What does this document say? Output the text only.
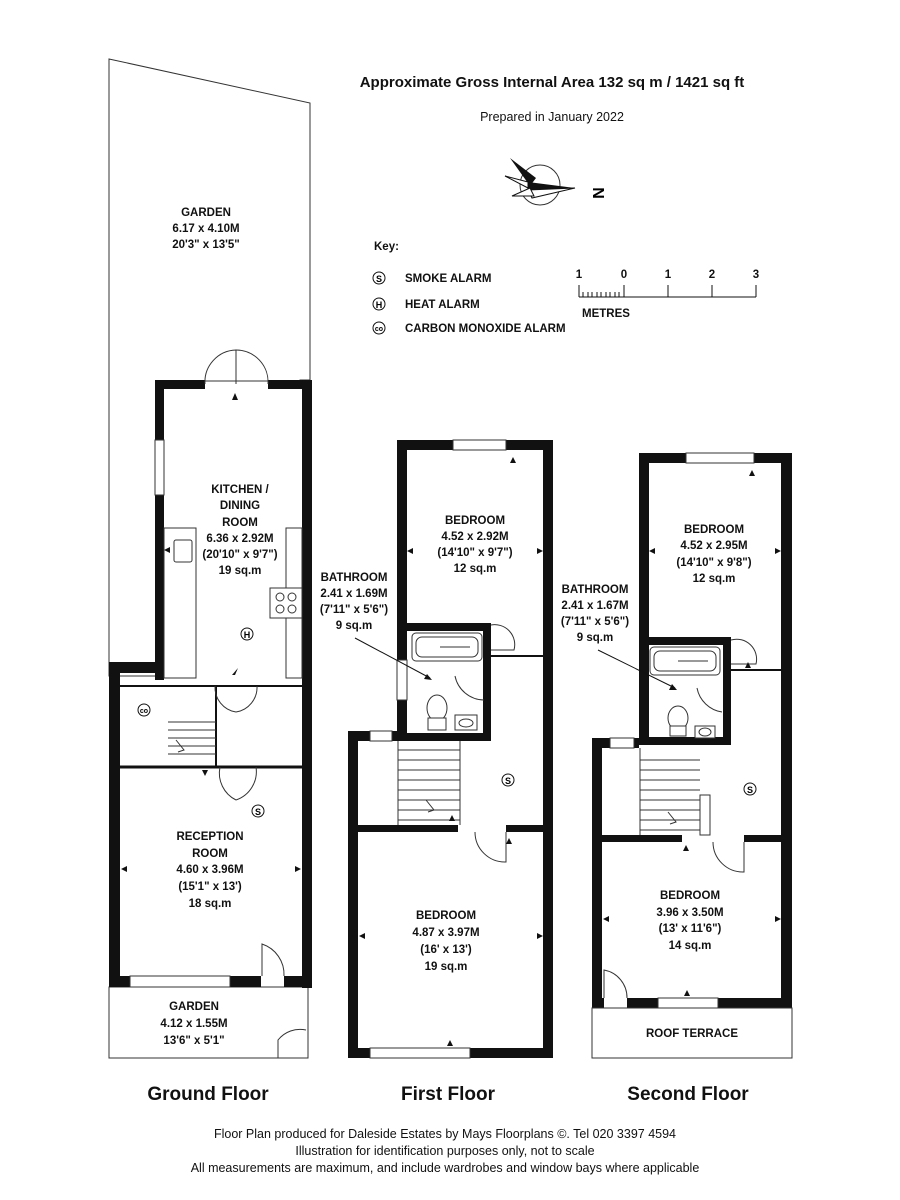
Approximate Gross Internal Area 132 sq m / 1421 sq ft
Prepared in January 2022
N
Key:
S SMOKE ALARM
H HEAT ALARM
co CARBON MONOXIDE ALARM
1	0	1	2	3
METRES
H
co
S
GARDEN
6.17 x 4.10M
20'3" x 13'5"
KITCHEN /
DINING
ROOM
6.36 x 2.92M
(20'10" x 9'7")
19 sq.m
RECEPTION
ROOM
4.60 x 3.96M
(15'1" x 13')
18 sq.m
GARDEN
4.12 x 1.55M
13'6" x 5'1"
S
BEDROOM
4.52 x 2.92M
(14'10" x 9'7")
12 sq.m
BATHROOM
2.41 x 1.69M
(7'11" x 5'6")
9 sq.m
BEDROOM
4.87 x 3.97M
(16' x 13')
19 sq.m
S
BEDROOM
4.52 x 2.95M
(14'10" x 9'8")
12 sq.m
BATHROOM
2.41 x 1.67M
(7'11" x 5'6")
9 sq.m
BEDROOM
3.96 x 3.50M
(13' x 11'6")
14 sq.m
ROOF TERRACE
Ground Floor	First Floor	Second Floor
Floor Plan produced for Daleside Estates by Mays Floorplans ©. Tel 020 3397 4594
Illustration for identification purposes only, not to scale
All measurements are maximum, and include wardrobes and window bays where applicable
